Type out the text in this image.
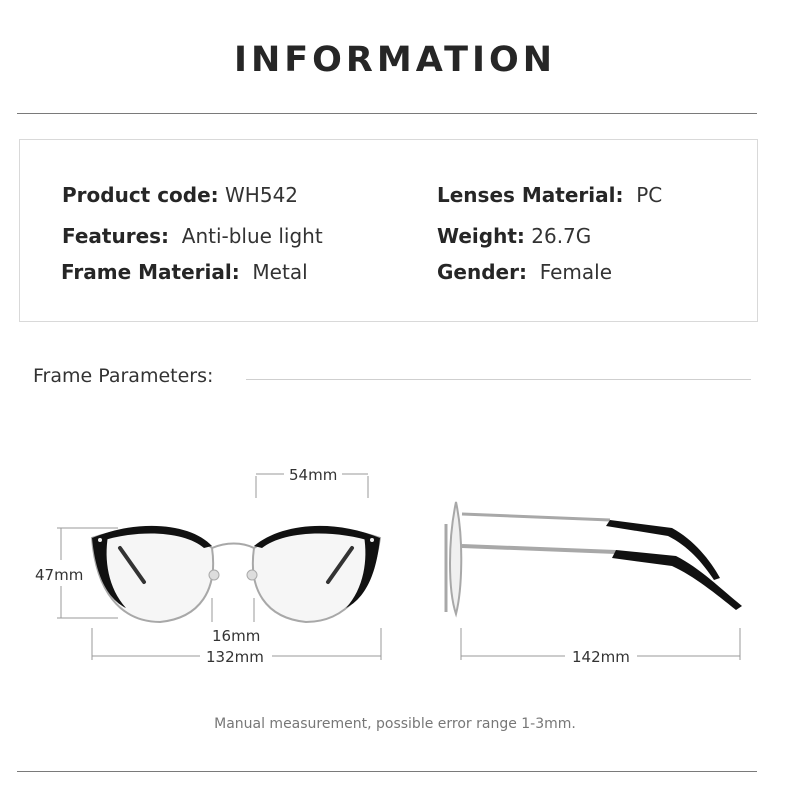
INFORMATION
Product code: WH542
Features: Anti-blue light
Frame Material: Metal
Lenses Material: PC
Weight: 26.7G
Gender: Female
Frame Parameters:
54mm
47mm
16mm
132mm	142mm
Manual measurement, possible error range 1-3mm.
